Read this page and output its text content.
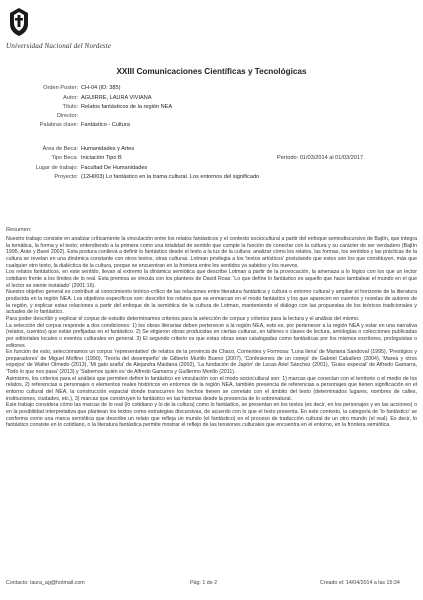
Universidad Nacional del Nordeste
XXIII Comunicaciones Científicas y Tecnológicas
Orden Poster: CH-04 (ID: 385)
Autor: AGUIRRE, LAURA VIVIANA
Título: Relatos fantásticos de la región NEA
Director:
Palabras clave: Fantástico - Cultura
Área de Beca: Humanidades y Artes
Tipo Beca: Iniciación Tipo B	Período: 01/03/2014 al 01/03/2017
Lugar de trabajo: Facultad De Humanidades
Proyecto: (12H003) Lo fantástico en la trama cultural. Los entornos del significado
Resumen:

Nuestro trabajo consiste en analizar críticamente la vinculación entre los relatos fantásticos y el contexto sociocultural a partir del enfoque semiodiscursivo de Bajtín, que integra la temática, la forma y el texto; entendiendo a la primera como una totalidad de sentido que cumple la función de conectar con la cultura y su carácter de ser verdadero (Bajtín 1995, Arán y Barei 2002). Esta postura conlleva a definir lo fantástico desde el texto a la luz de la cultura: analizar cómo los relatos, las formas, los sentidos y las prácticas de la cultura se revelan en una dinámica constante con otros textos, otras culturas. Lotman privilegia a los 'textos artísticos' postulando que estos son los que constituyen, más que cualquier otro texto, la dialéctica de la cultura, porque se encuentran en la frontera entre los sentidos ya sabidos y los nuevos.

Los relatos fantásticos, en este sentido, llevan al extremo la dinámica semiótica que describe Lotman a partir de la provocación, la amenaza a lo lógico con los que un lector cotidiano frente a los límites de lo real. Esta premisa se vincula con los planteos de David Roas: 'Lo que define lo fantástico es aquello que hace tambalear el mundo en el que el lector se siente instalado' (2001:16).

Nuestro objetivo general es contribuir al conocimiento teórico-crítico de las relaciones entre literatura fantástica y cultura o entorno cultural y ampliar el horizonte de la literatura producida en la región NEA. Los objetivos específicos son: describir los relatos que se enmarcan en el modo fantástico y los que aparecen en cuentos y novelas de autores de la región, y explicar estas relaciones a partir del enfoque de la semiótica de la cultura de Lotman, manteniendo el diálogo con las propuestas de los teóricos tradicionales y actuales de lo fantástico.

Para poder describir y explicar el corpus de estudio determinamos criterios para la selección de corpus y criterios para la lectura y el análisis del mismo.

La selección del corpus responde a dos condiciones: 1) los obras literarias deben pertenecer a la región NEA, esto es, por pertenecer a la región NEA y estar en una narrativa (relatos, cuentos) que están prefijadas en el fantástico. 2) Se eligieron obras producidas en ciertas culturas, en talleres o clases de lectura, antologías o colecciones publicadas por editoriales locales o eventos culturales en general. 3) El segundo criterio es que estas obras sean catalogadas como fantásticas por los mismos escritores, prologuistas o editores.

En función de esto, seleccionamos un corpus 'representativo' de relatos de la provincia de Chaco, Corrientes y Formosa: 'Luna llena' de Mariana Sandoval (1995), 'Prestigios y preparadores' de Miguel Molfino (1990), 'Teoría del desempeño' de Gilberto Murillo Bueno (2007), 'Confesiones de un conejo' de Gabriel Caballero (2004), 'Marea y otros espejos' de Walter Olmedo (2013), 'Mi gato araña' de Alejandra Maidana (2002), 'La fundación de Japón' de Lucas Ariel Sánchez (2001), 'Guiso especial' de Alfredo Gamarra, 'Todo lo que nos pasa' (2013) y 'Sabemos quién es' de Alfredo Gamarra y Guillermo Morillo (2011).

Asimismo, los criterios para el análisis que permiten definir lo fantástico en vinculación con el modo sociocultural son: 1) marcas que conectan con el territorio o el medio de los relatos, 2) referencias a personajes o elementos reales históricos en entornos de la región NEA, también presencia de referencias a personajes que tienen significación en el entorno cultural del NEA, la construcción espacial donde transcurren los hechos tienen se correlato con el ámbito del texto (determinados lugares, nombres de calles, instituciones, ciudades, etc.), 3) marcas que construyen lo fantástico en las historias desde la presencia de lo sobrenatural.

Este trabajo considera cómo las marcas de lo real (lo cotidiano y lo de la cultura) como lo fantástico, se presentan en los textos (es decir, en los personajes y en las acciones) o en la posibilidad interpretativa que plantean los textos como estrategias discursivas, de acuerdo con lo que el texto presenta. En este contexto, la categoría de 'lo fantástico' se conforma como una marca semiótica que describe un relato que refleja un mundo (el fantástico) en el proceso de traducción cultural de un otro mundo (el real). Es decir, lo fantástico consiste en lo cotidiano, o la literatura fantástica permite mostrar el reflejo de las tensiones culturales que encuentra en el entorno, en la frontera semiótica.

Contacto: laura_ag@hotmail.com	Pág: 1 de 2	Creado el: 14/04/2014 a las 15:34
